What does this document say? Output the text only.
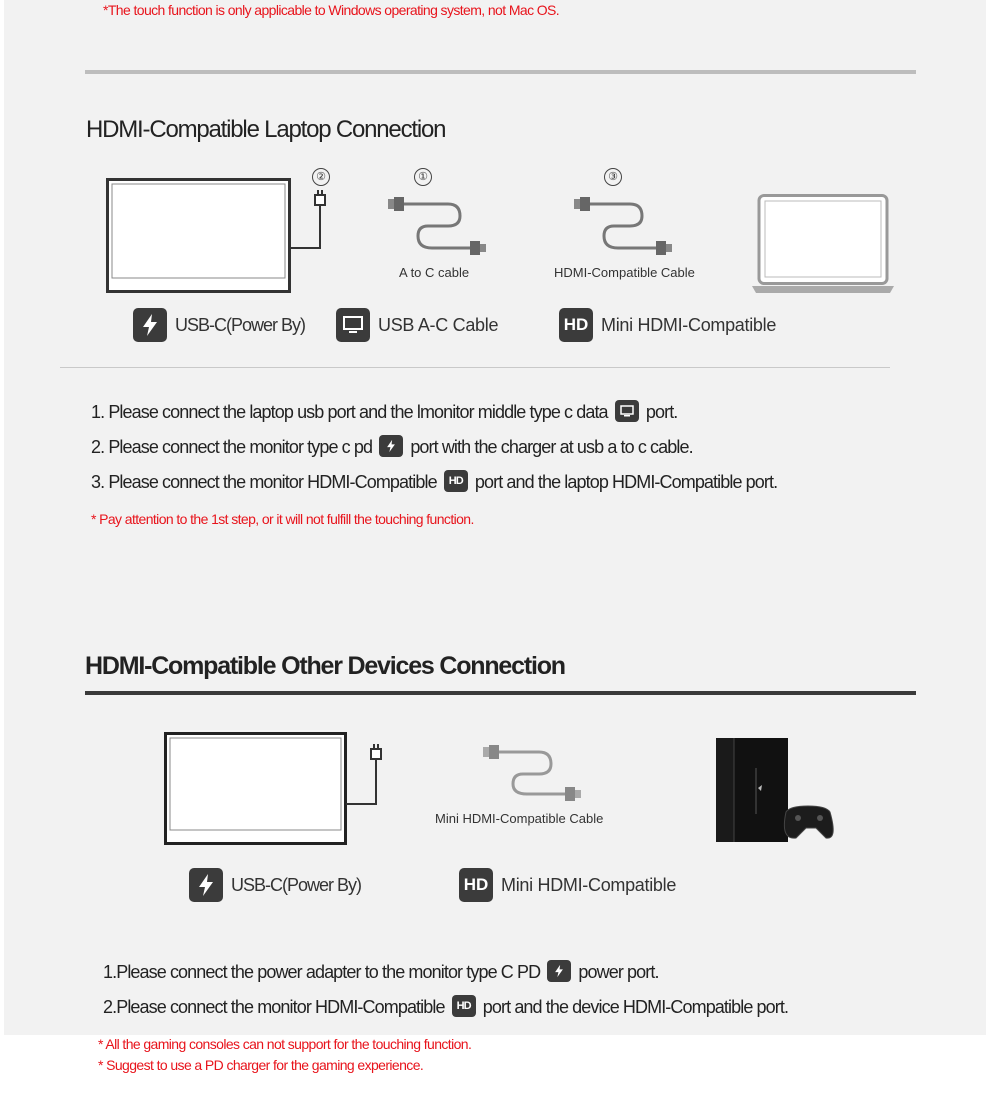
*The touch function is only applicable to Windows operating system, not Mac OS.
HDMI-Compatible Laptop Connection
②	①
A to C cable
③
HDMI-Compatible Cable
USB-C(Power By)	USB A-C Cable	HD Mini HDMI-Compatible
1. Please connect the laptop usb port and the lmonitor middle type c data port.
2. Please connect the monitor type c pd port with the charger at usb a to c cable.
3. Please connect the monitor HDMI-Compatible HD port and the laptop HDMI-Compatible port.
* Pay attention to the 1st step, or it will not fulfill the touching function.
HDMI-Compatible Other Devices Connection
Mini HDMI-Compatible Cable
USB-C(Power By)	HD Mini HDMI-Compatible
1.Please connect the power adapter to the monitor type C PD power port.
2.Please connect the monitor HDMI-Compatible HD port and the device HDMI-Compatible port.
* All the gaming consoles can not support for the touching function.
* Suggest to use a PD charger for the gaming experience.
